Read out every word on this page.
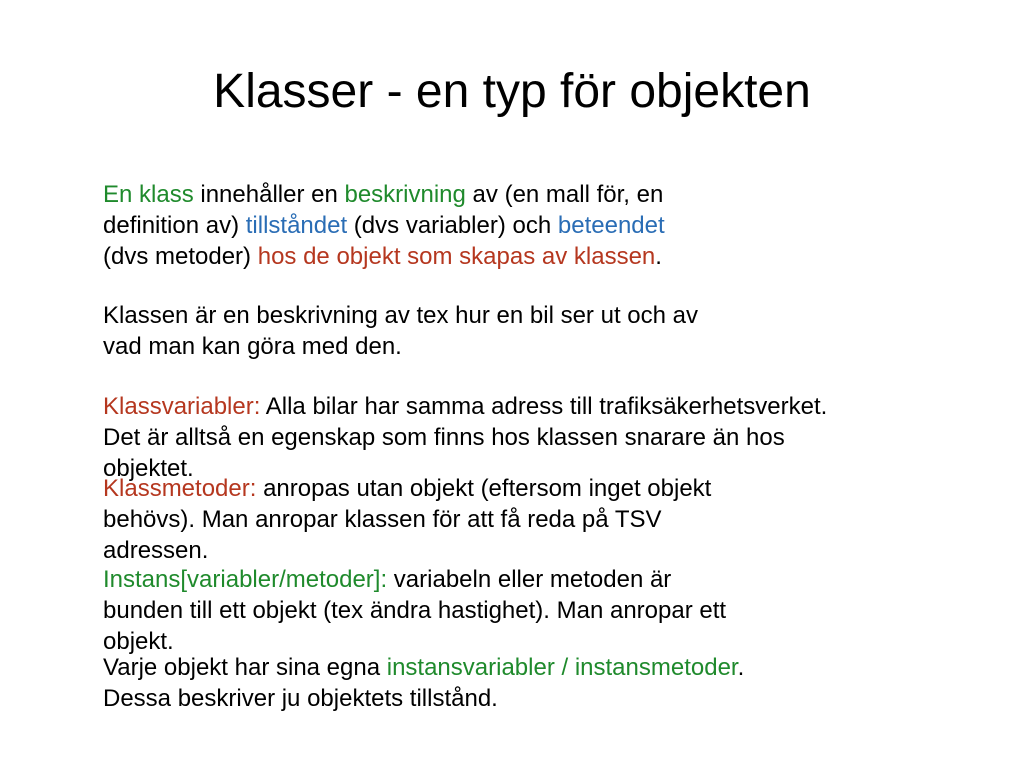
Klasser - en typ för objekten

En klass innehåller en beskrivning av (en mall för, en
definition av) tillståndet (dvs variabler) och beteendet
(dvs metoder) hos de objekt som skapas av klassen.

Klassen är en beskrivning av tex hur en bil ser ut och av
vad man kan göra med den.

Klassvariabler: Alla bilar har samma adress till trafiksäkerhetsverket.
Det är alltså en egenskap som finns hos klassen snarare än hos
objektet.

Klassmetoder: anropas utan objekt (eftersom inget objekt
behövs). Man anropar klassen för att få reda på TSV
adressen.

Instans[variabler/metoder]: variabeln eller metoden är
bunden till ett objekt (tex ändra hastighet). Man anropar ett
objekt.

Varje objekt har sina egna instansvariabler / instansmetoder.
Dessa beskriver ju objektets tillstånd.
